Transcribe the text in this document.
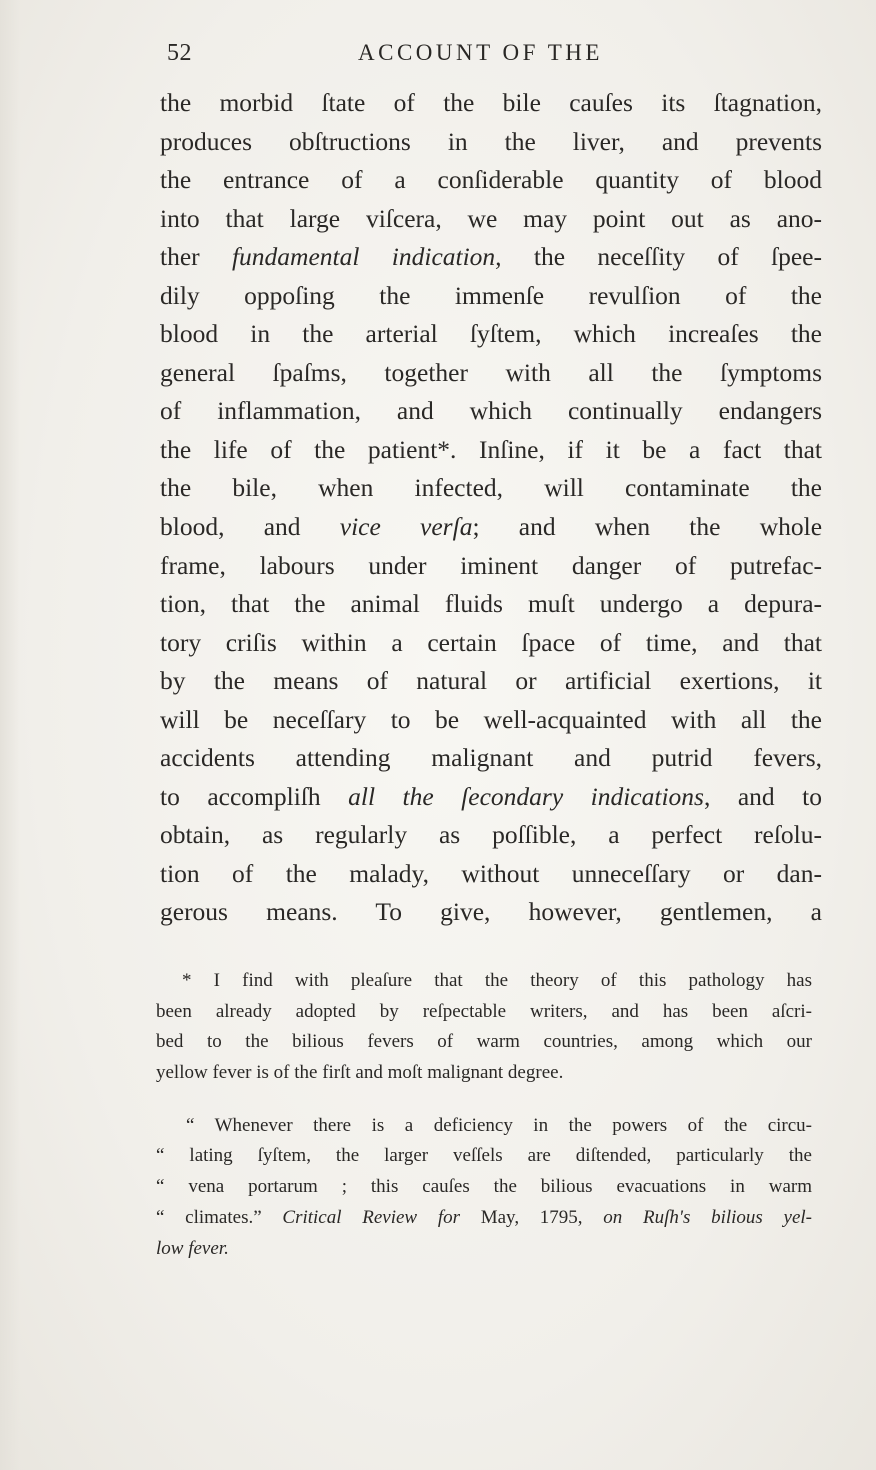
52	ACCOUNT OF THE
the morbid ſtate of the bile cauſes its ſtagnation,
produces obſtructions in the liver, and prevents
the entrance of a conſiderable quantity of blood
into that large viſcera, we may point out as ano-
ther fundamental indication, the neceſſity of ſpee-
dily oppoſing the immenſe revulſion of the
blood in the arterial ſyſtem, which increaſes the
general ſpaſms, together with all the ſymptoms
of inflammation, and which continually endangers
the life of the patient*. Inſine, if it be a fact that
the bile, when infected, will contaminate the
blood, and vice verſa; and when the whole
frame, labours under iminent danger of putrefac-
tion, that the animal fluids muſt undergo a depura-
tory criſis within a certain ſpace of time, and that
by the means of natural or artificial exertions, it
will be neceſſary to be well-acquainted with all the
accidents attending malignant and putrid fevers,
to accompliſh all the ſecondary indications, and to
obtain, as regularly as poſſible, a perfect reſolu-
tion of the malady, without unneceſſary or dan-
gerous means. To give, however, gentlemen, a
* I find with pleaſure that the theory of this pathology has
been already adopted by reſpectable writers, and has been aſcri-
bed to the bilious fevers of warm countries, among which our
yellow fever is of the firſt and moſt malignant degree.
“ Whenever there is a deficiency in the powers of the circu-
“ lating ſyſtem, the larger veſſels are diſtended, particularly the
“ vena portarum ; this cauſes the bilious evacuations in warm
“ climates.” Critical Review for May, 1795, on Ruſh's bilious yel-
low fever.
